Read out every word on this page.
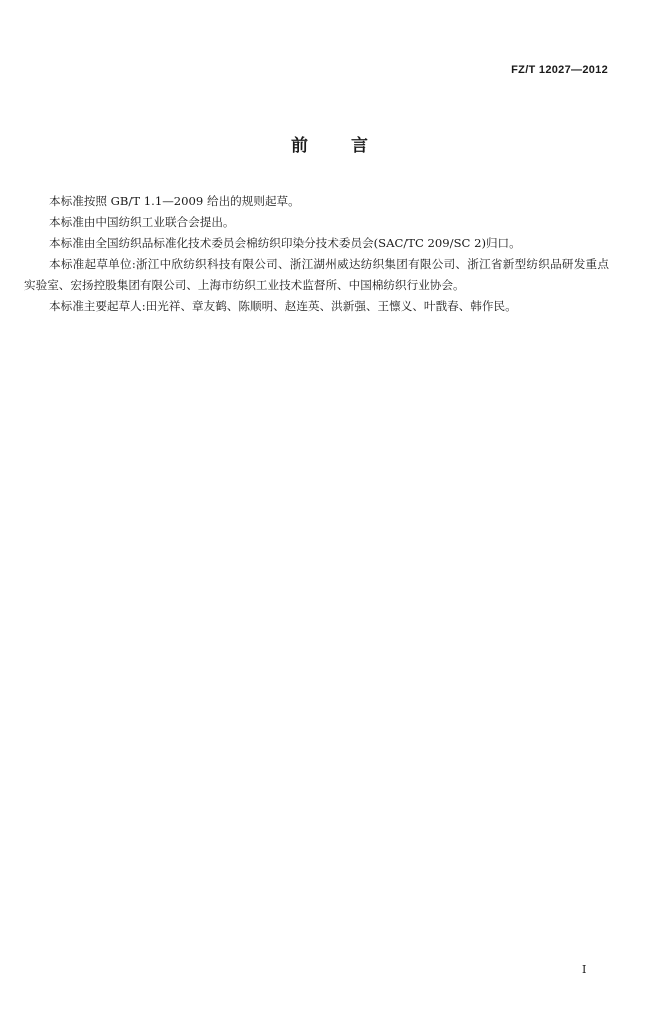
FZ/T 12027—2012
前 言

本标准按照 GB/T 1.1—2009 给出的规则起草。

本标准由中国纺织工业联合会提出。

本标准由全国纺织品标准化技术委员会棉纺织印染分技术委员会(SAC/TC 209/SC 2)归口。

本标准起草单位:浙江中欣纺织科技有限公司、浙江湖州威达纺织集团有限公司、浙江省新型纺织品研发重点实验室、宏扬控股集团有限公司、上海市纺织工业技术监督所、中国棉纺织行业协会。

本标准主要起草人:田光祥、章友鹤、陈顺明、赵连英、洪新强、王懔义、叶戬春、韩作民。

I
